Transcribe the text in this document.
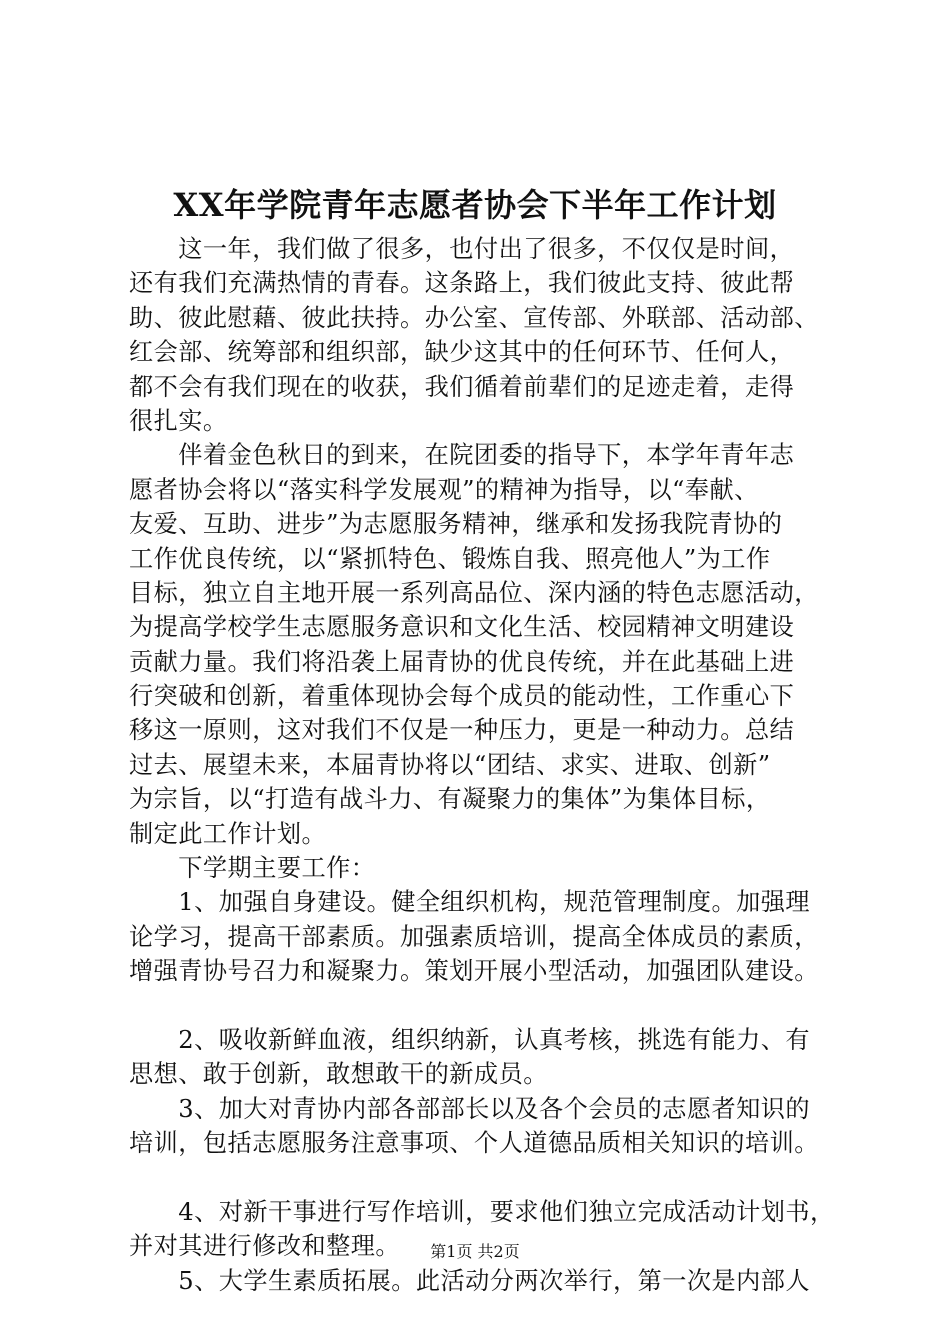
XX年学院青年志愿者协会下半年工作计划
　　这一年，我们做了很多，也付出了很多，不仅仅是时间，
还有我们充满热情的青春。这条路上，我们彼此支持、彼此帮
助、彼此慰藉、彼此扶持。办公室、宣传部、外联部、活动部、
红会部、统筹部和组织部，缺少这其中的任何环节、任何人，
都不会有我们现在的收获，我们循着前辈们的足迹走着，走得
很扎实。
　　伴着金色秋日的到来，在院团委的指导下，本学年青年志
愿者协会将以“落实科学发展观”的精神为指导，以“奉献、
友爱、互助、进步”为志愿服务精神，继承和发扬我院青协的
工作优良传统，以“紧抓特色、锻炼自我、照亮他人”为工作
目标，独立自主地开展一系列高品位、深内涵的特色志愿活动，
为提高学校学生志愿服务意识和文化生活、校园精神文明建设
贡献力量。我们将沿袭上届青协的优良传统，并在此基础上进
行突破和创新，着重体现协会每个成员的能动性，工作重心下
移这一原则，这对我们不仅是一种压力，更是一种动力。总结
过去、展望未来，本届青协将以“团结、求实、进取、创新”
为宗旨，以“打造有战斗力、有凝聚力的集体”为集体目标，
制定此工作计划。
　　下学期主要工作：
　　1、加强自身建设。健全组织机构，规范管理制度。加强理
论学习，提高干部素质。加强素质培训，提高全体成员的素质，
增强青协号召力和凝聚力。策划开展小型活动，加强团队建设。
　　2、吸收新鲜血液，组织纳新，认真考核，挑选有能力、有
思想、敢于创新，敢想敢干的新成员。
　　3、加大对青协内部各部部长以及各个会员的志愿者知识的
培训，包括志愿服务注意事项、个人道德品质相关知识的培训。
　　4、对新干事进行写作培训，要求他们独立完成活动计划书，
并对其进行修改和整理。
　　5、大学生素质拓展。此活动分两次举行，第一次是内部人
第1页 共2页
